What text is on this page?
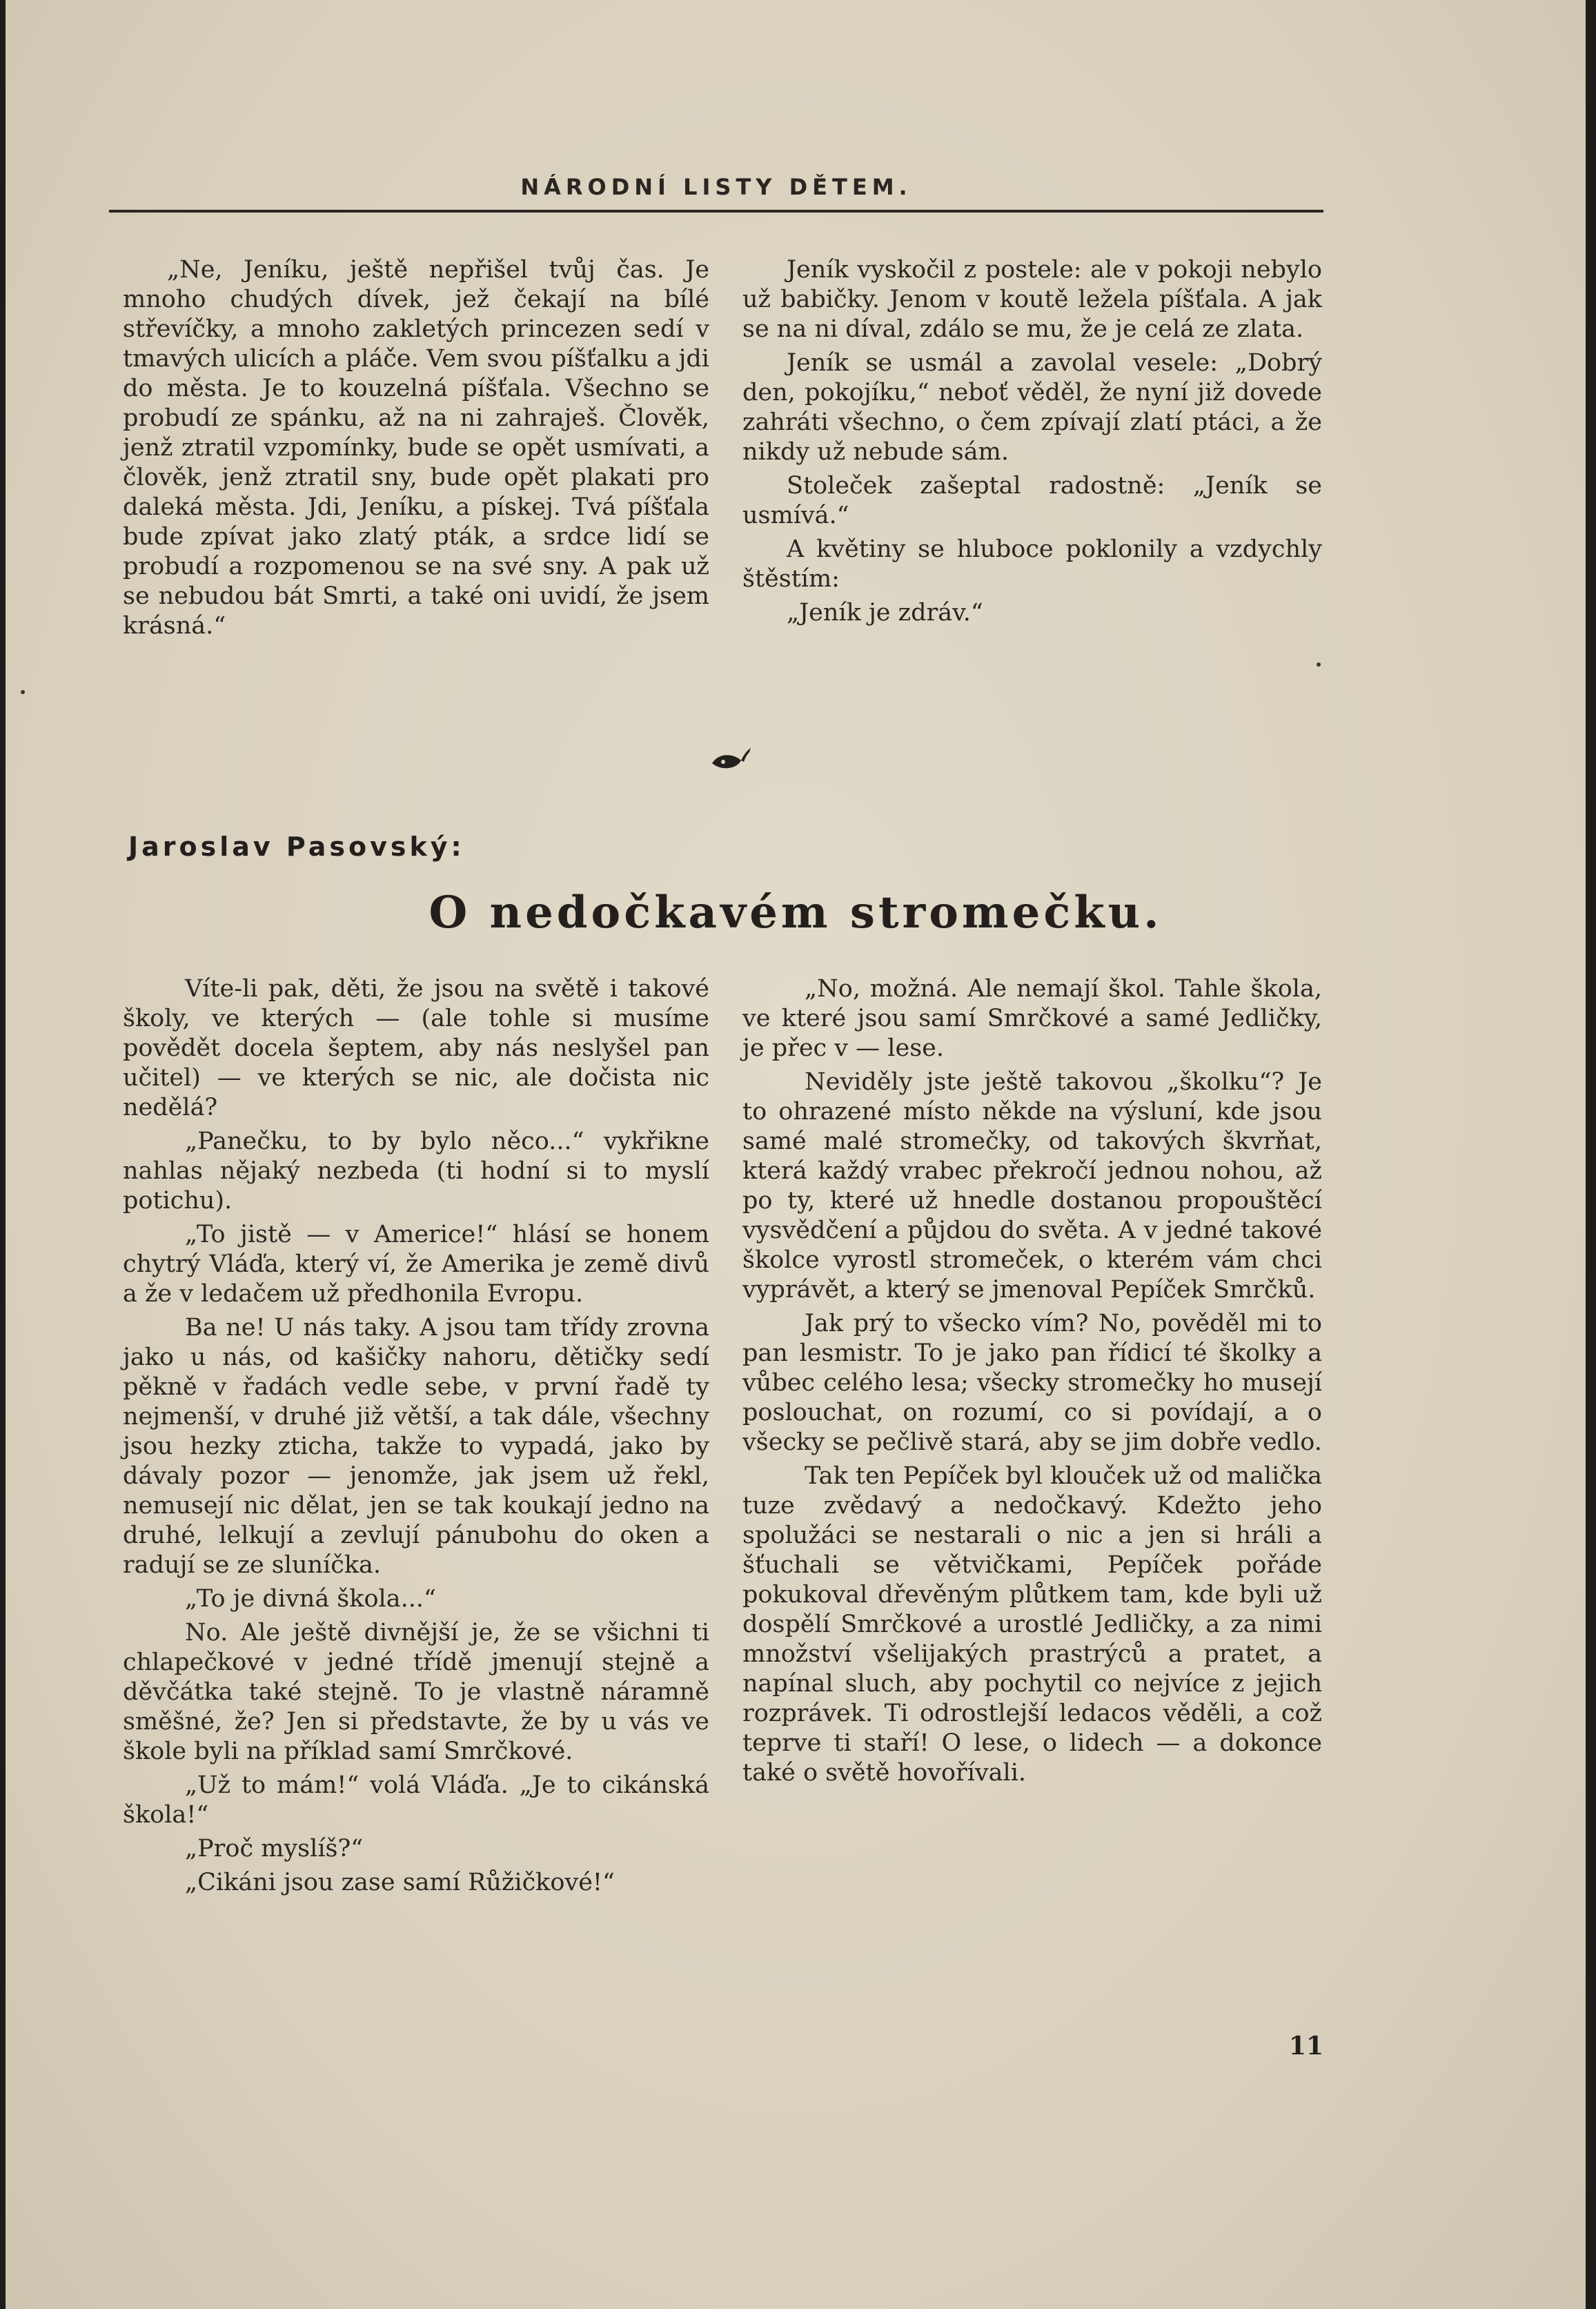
NÁRODNÍ LISTY DĚTEM.

„Ne, Jeníku, ještě nepřišel tvůj čas. Je mnoho chudých dívek, jež čekají na bílé střevíčky, a mnoho zakletých princezen sedí v tmavých ulicích a pláče. Vem svou píšťalku a jdi do města. Je to kouzelná píšťala. Všechno se probudí ze spánku, až na ni zahraješ. Člověk, jenž ztratil vzpomínky, bude se opět usmívati, a člověk, jenž ztratil sny, bude opět plakati pro daleká města. Jdi, Jeníku, a pískej. Tvá píšťala bude zpívat jako zlatý pták, a srdce lidí se probudí a rozpomenou se na své sny. A pak už se nebudou bát Smrti, a také oni uvidí, že jsem krásná.“

Jeník vyskočil z postele: ale v pokoji nebylo už babičky. Jenom v koutě ležela píšťala. A jak se na ni díval, zdálo se mu, že je celá ze zlata.

Jeník se usmál a zavolal vesele: „Dobrý den, pokojíku,“ neboť věděl, že nyní již dovede zahráti všechno, o čem zpívají zlatí ptáci, a že nikdy už nebude sám.

Stoleček zašeptal radostně: „Jeník se usmívá.“

A květiny se hluboce poklonily a vzdychly štěstím:

„Jeník je zdráv.“

Jaroslav Pasovský:
O nedočkavém stromečku.

Víte-li pak, děti, že jsou na světě i takové školy, ve kterých — (ale tohle si musíme povědět docela šeptem, aby nás neslyšel pan učitel) — ve kterých se nic, ale dočista nic nedělá?

„Panečku, to by bylo něco...“ vykřikne nahlas nějaký nezbeda (ti hodní si to myslí potichu).

„To jistě — v Americe!“ hlásí se honem chytrý Vláďa, který ví, že Amerika je země divů a že v ledačem už předhonila Evropu.

Ba ne! U nás taky. A jsou tam třídy zrovna jako u nás, od kašičky nahoru, dětičky sedí pěkně v řadách vedle sebe, v první řadě ty nejmenší, v druhé již větší, a tak dále, všechny jsou hezky zticha, takže to vypadá, jako by dávaly pozor — jenomže, jak jsem už řekl, nemusejí nic dělat, jen se tak koukají jedno na druhé, lelkují a zevlují pánubohu do oken a radují se ze sluníčka.

„To je divná škola...“

No. Ale ještě divnější je, že se všichni ti chlapečkové v jedné třídě jmenují stejně a děvčátka také stejně. To je vlastně náramně směšné, že? Jen si představte, že by u vás ve škole byli na příklad samí Smrčkové.

„Už to mám!“ volá Vláďa. „Je to cikánská škola!“

„Proč myslíš?“

„Cikáni jsou zase samí Růžičkové!“

„No, možná. Ale nemají škol. Tahle škola, ve které jsou samí Smrčkové a samé Jedličky, je přec v — lese.

Neviděly jste ještě takovou „školku“? Je to ohrazené místo někde na výsluní, kde jsou samé malé stromečky, od takových škvrňat, která každý vrabec překročí jednou nohou, až po ty, které už hnedle dostanou propouštěcí vysvědčení a půjdou do světa. A v jedné takové školce vyrostl stromeček, o kterém vám chci vyprávět, a který se jmenoval Pepíček Smrčků.

Jak prý to všecko vím? No, pověděl mi to pan lesmistr. To je jako pan řídicí té školky a vůbec celého lesa; všecky stromečky ho musejí poslouchat, on rozumí, co si povídají, a o všecky se pečlivě stará, aby se jim dobře vedlo.

Tak ten Pepíček byl klouček už od malička tuze zvědavý a nedočkavý. Kdežto jeho spolužáci se nestarali o nic a jen si hráli a šťuchali se větvičkami, Pepíček pořáde pokukoval dřevěným plůtkem tam, kde byli už dospělí Smrčkové a urostlé Jedličky, a za nimi množství všelijakých prastrýců a pratet, a napínal sluch, aby pochytil co nejvíce z jejich rozprávek. Ti odrostlejší ledacos věděli, a což teprve ti staří! O lese, o lidech — a dokonce také o světě hovořívali.

11
